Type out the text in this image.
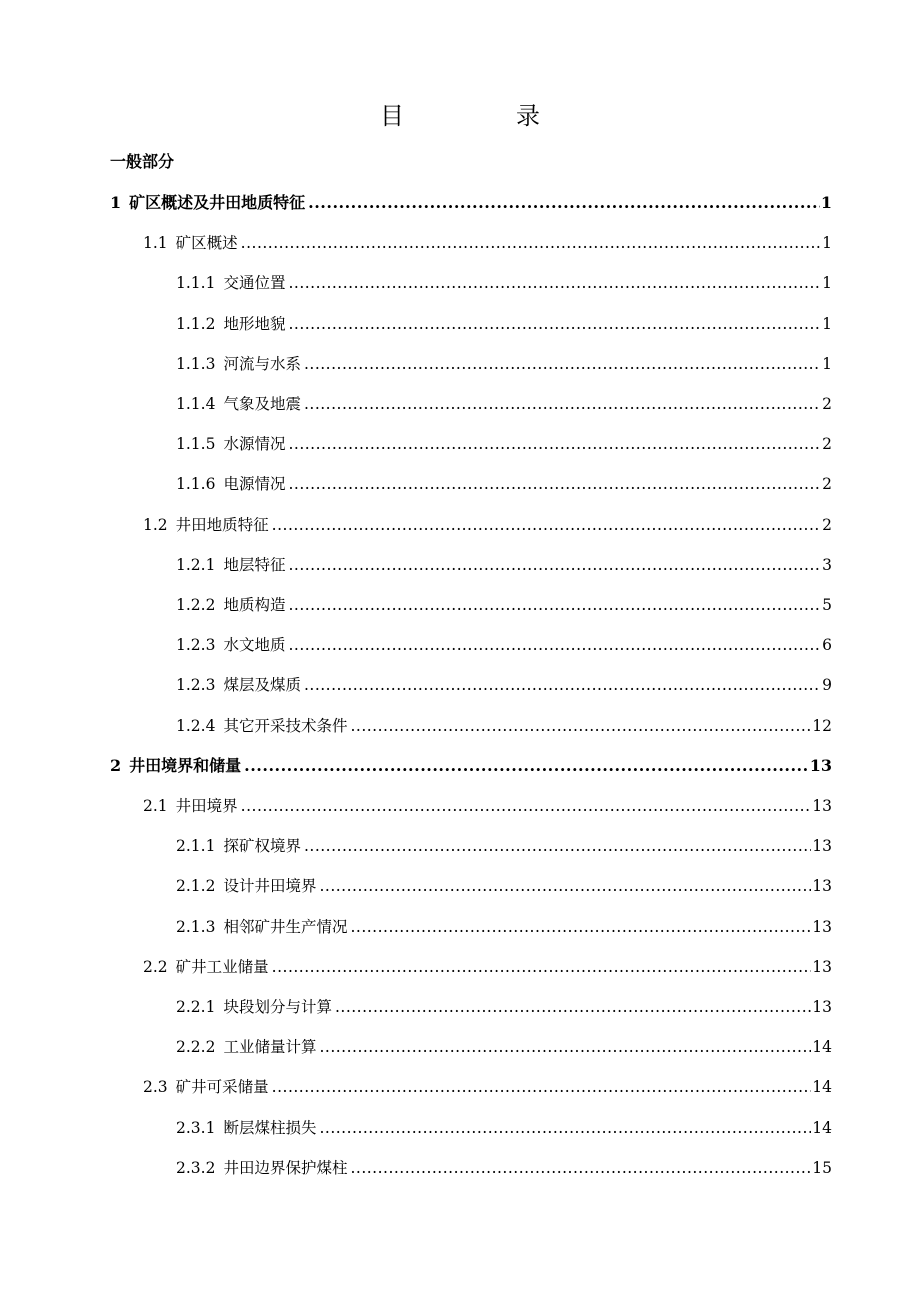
目　录
一般部分
1 矿区概述及井田地质特征 .....	1
1.1 矿区概述 .....	1
1.1.1 交通位置 .....	1
1.1.2 地形地貌 .....	1
1.1.3 河流与水系 .....	1
1.1.4 气象及地震 .....	2
1.1.5 水源情况 .....	2
1.1.6 电源情况 .....	2
1.2 井田地质特征 .....	2
1.2.1 地层特征 .....	3
1.2.2 地质构造 .....	5
1.2.3 水文地质 .....	6
1.2.3 煤层及煤质 .....	9
1.2.4 其它开采技术条件 .....	12
2 井田境界和储量 .....	13
2.1 井田境界 .....	13
2.1.1 探矿权境界 .....	13
2.1.2 设计井田境界 .....	13
2.1.3 相邻矿井生产情况 .....	13
2.2 矿井工业储量 .....	13
2.2.1 块段划分与计算 .....	13
2.2.2 工业储量计算 .....	14
2.3 矿井可采储量 .....	14
2.3.1 断层煤柱损失 .....	14
2.3.2 井田边界保护煤柱 .....	15
